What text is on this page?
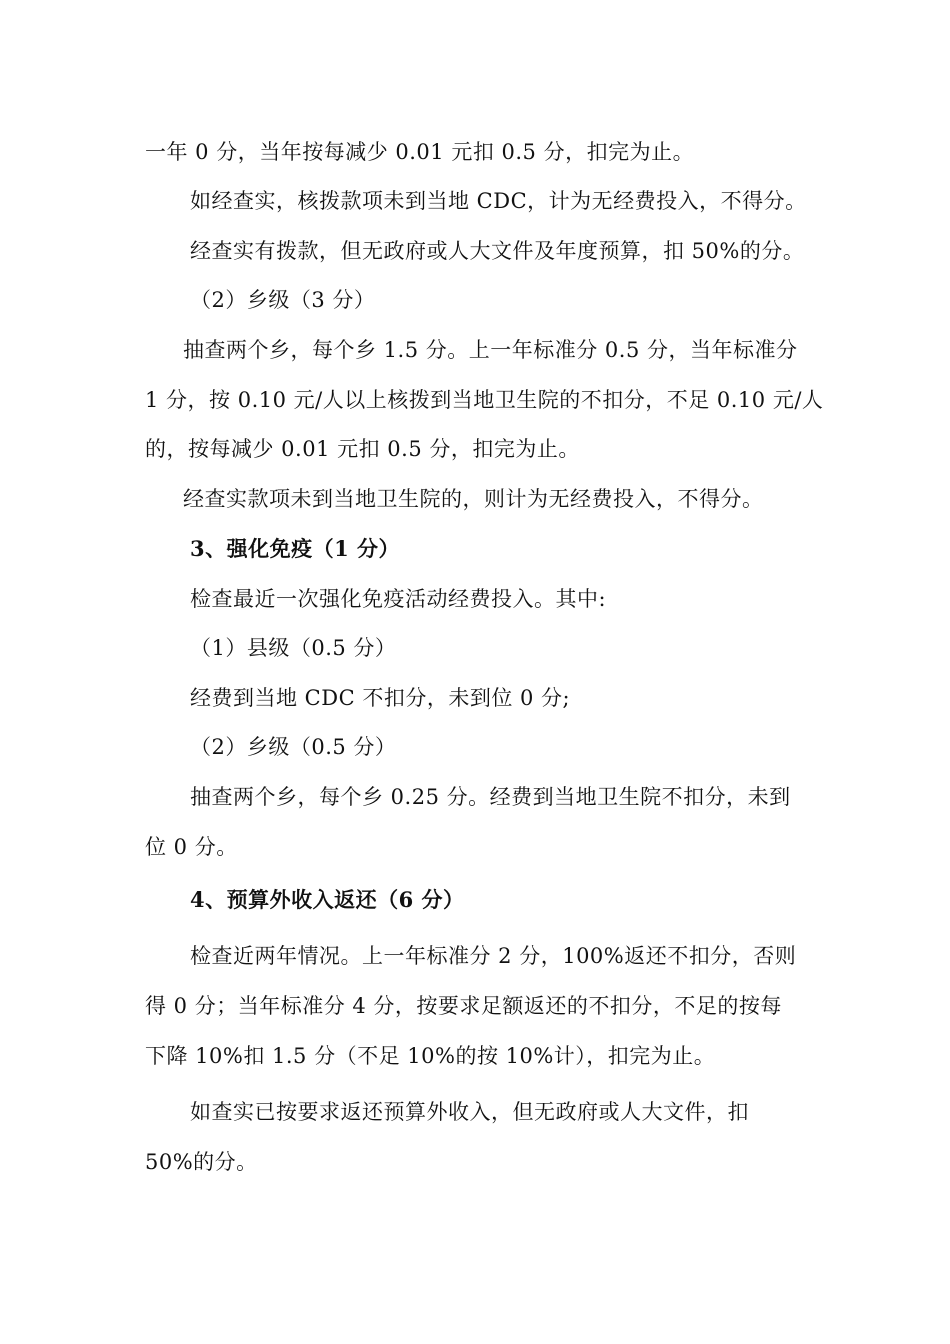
一年 0 分，当年按每减少 0.01 元扣 0.5 分，扣完为止。
如经查实，核拨款项未到当地 CDC，计为无经费投入，不得分。
经查实有拨款，但无政府或人大文件及年度预算，扣 50%的分。
（2）乡级（3 分）
抽查两个乡，每个乡 1.5 分。上一年标准分 0.5 分，当年标准分
1 分，按 0.10 元/人以上核拨到当地卫生院的不扣分，不足 0.10 元/人
的，按每减少 0.01 元扣 0.5 分，扣完为止。
经查实款项未到当地卫生院的，则计为无经费投入，不得分。
3、强化免疫（1 分）
检查最近一次强化免疫活动经费投入。其中:
（1）县级（0.5 分）
经费到当地 CDC 不扣分，未到位 0 分;
（2）乡级（0.5 分）
抽查两个乡，每个乡 0.25 分。经费到当地卫生院不扣分，未到
位 0 分。
4、预算外收入返还（6 分）
检查近两年情况。上一年标准分 2 分，100%返还不扣分，否则
得 0 分；当年标准分 4 分，按要求足额返还的不扣分，不足的按每
下降 10%扣 1.5 分（不足 10%的按 10%计），扣完为止。
如查实已按要求返还预算外收入，但无政府或人大文件，扣
50%的分。
